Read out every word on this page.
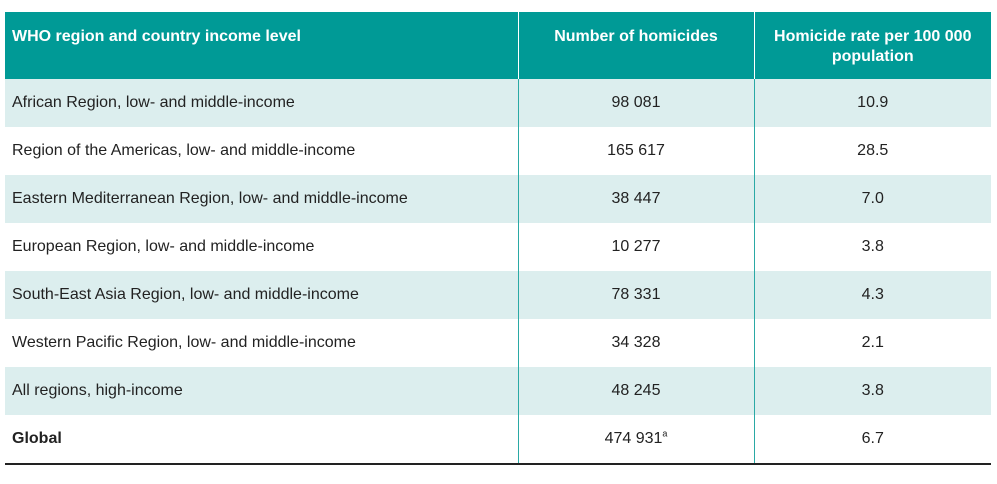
WHO region and country income level	Number of homicides	Homicide rate per 100 000 population
African Region, low- and middle-income	98 081	10.9
Region of the Americas, low- and middle-income	165 617	28.5
Eastern Mediterranean Region, low- and middle-income	38 447	7.0
European Region, low- and middle-income	10 277	3.8
South-East Asia Region, low- and middle-income	78 331	4.3
Western Pacific Region, low- and middle-income	34 328	2.1
All regions, high-income	48 245	3.8
Global	474 931$^a$	6.7
